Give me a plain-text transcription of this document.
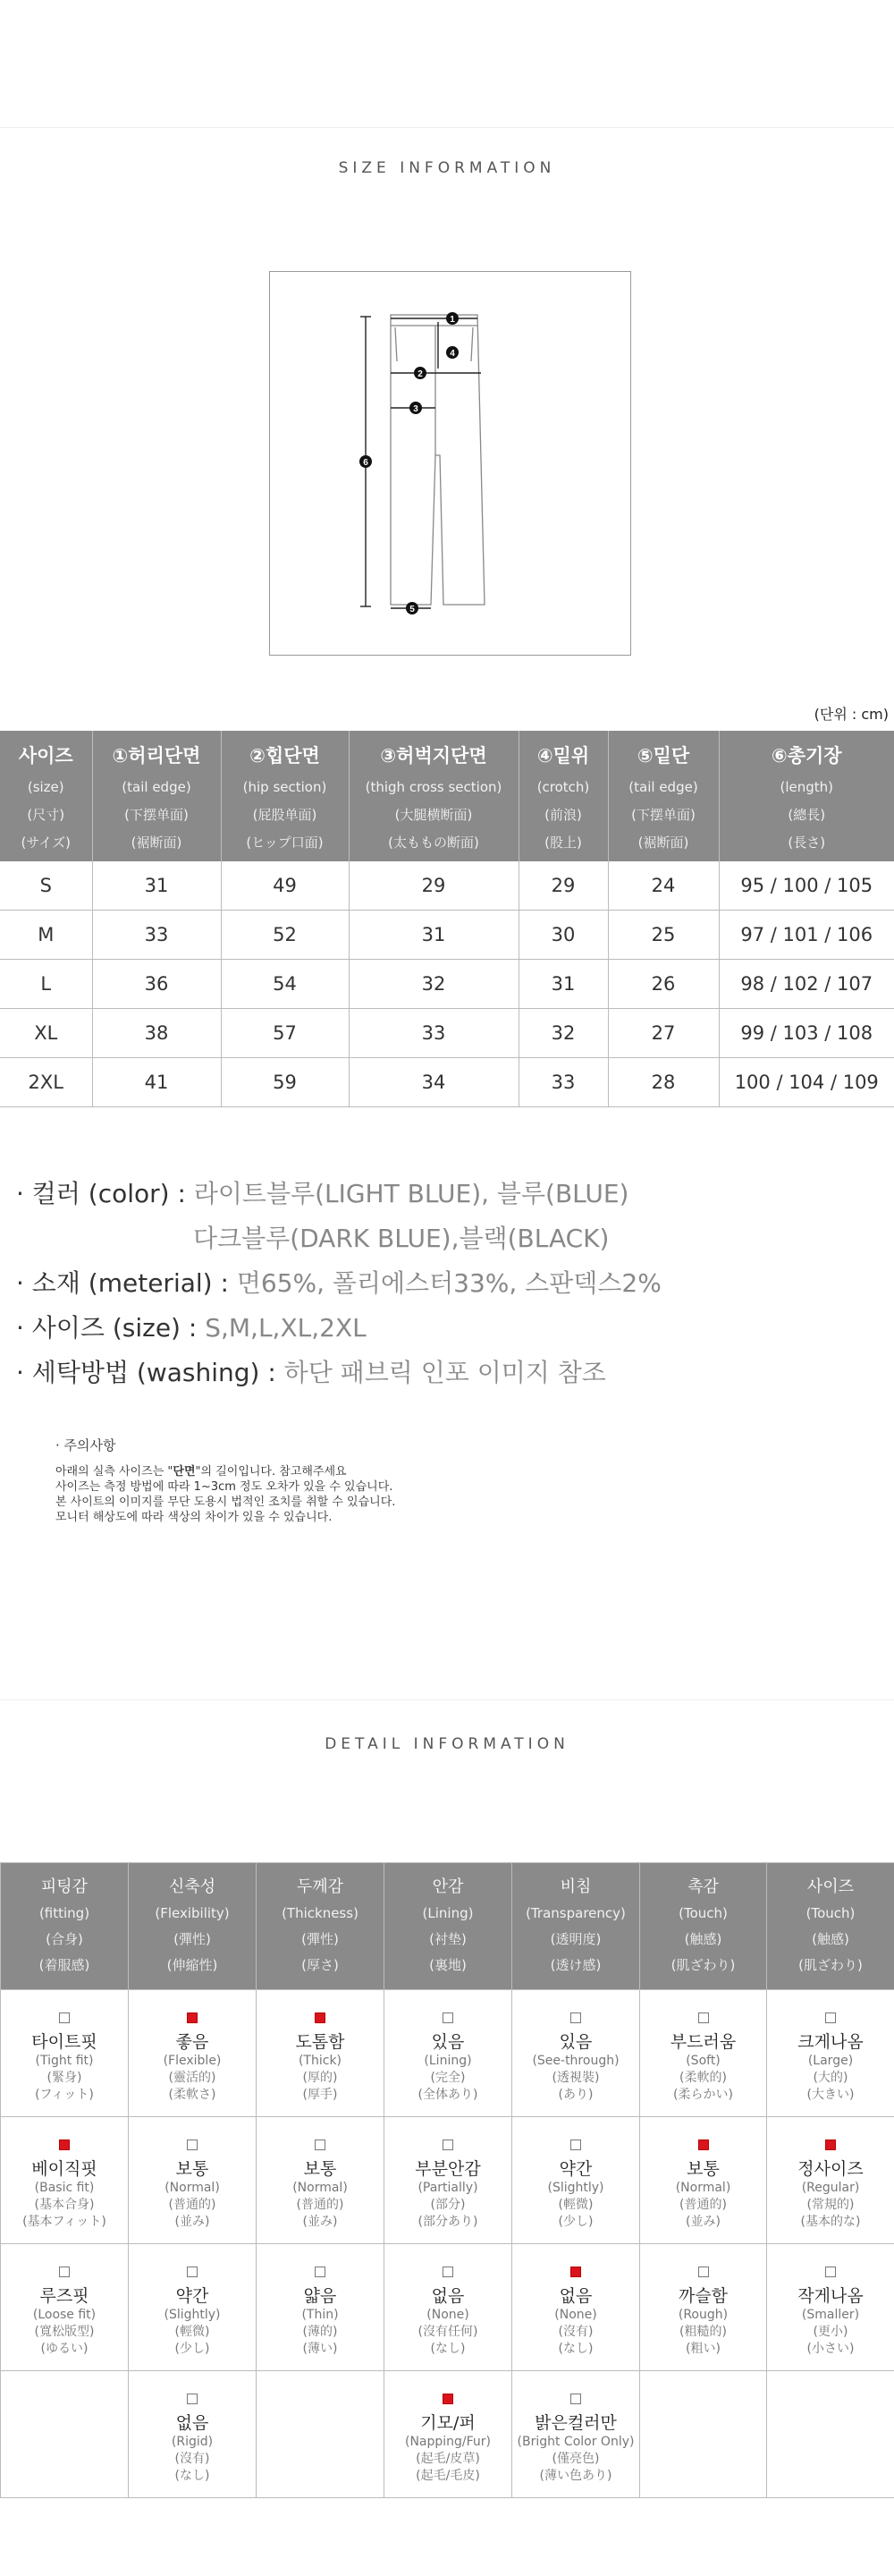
SIZE INFORMATION
1
2
3
4
5
6
(단위 : cm)
사이즈
(size)
(尺寸)
(サイズ)	①허리단면
(tail edge)
(下摆单面)
(裾断面)	②힙단면
(hip section)
(屁股单面)
(ヒップ口面)	③허벅지단면
(thigh cross section)
(大腿横断面)
(太ももの断面)	④밑위
(crotch)
(前浪)
(股上)	⑤밑단
(tail edge)
(下摆单面)
(裾断面)	⑥총기장
(length)
(總長)
(長さ)

S	31	49	29	29	24	95 / 100 / 105
M	33	52	31	30	25	97 / 101 / 106
L	36	54	32	31	26	98 / 102 / 107
XL	38	57	33	32	27	99 / 103 / 108
2XL	41	59	34	33	28	100 / 104 / 109
· 컬러 (color) : 라이트블루(LIGHT BLUE), 블루(BLUE)
다크블루(DARK BLUE),블랙(BLACK)
· 소재 (meterial) : 면65%, 폴리에스터33%, 스판덱스2%
· 사이즈 (size) : S,M,L,XL,2XL
· 세탁방법 (washing) : 하단 패브릭 인포 이미지 참조
· 주의사항
아래의 실측 사이즈는 "단면"의 길이입니다. 참고해주세요
사이즈는 측정 방법에 따라 1~3cm 정도 오차가 있을 수 있습니다.
본 사이트의 이미지를 무단 도용시 법적인 조치를 취할 수 있습니다.
모니터 해상도에 따라 색상의 차이가 있을 수 있습니다.
DETAIL INFORMATION
피팅감
(fitting)
(合身)
(着服感)	신축성
(Flexibility)
(彈性)
(伸縮性)	두께감
(Thickness)
(彈性)
(厚さ)	안감
(Lining)
(衬垫)
(裏地)	비침
(Transparency)
(透明度)
(透け感)	촉감
(Touch)
(触感)
(肌ざわり)	사이즈
(Touch)
(触感)
(肌ざわり)

타이트핏
(Tight fit)
(緊身)
(フィット)	좋음
(Flexible)
(靈活的)
(柔軟さ)	도톰함
(Thick)
(厚的)
(厚手)	있음
(Lining)
(完全)
(全体あり)	있음
(See-through)
(透視裝)
(あり)	부드러움
(Soft)
(柔軟的)
(柔らかい)	크게나옴
(Large)
(大的)
(大きい)

베이직핏
(Basic fit)
(基本合身)
(基本フィット)	보통
(Normal)
(普通的)
(並み)	보통
(Normal)
(普通的)
(並み)	부분안감
(Partially)
(部分)
(部分あり)	약간
(Slightly)
(輕微)
(少し)	보통
(Normal)
(普通的)
(並み)	정사이즈
(Regular)
(常規的)
(基本的な)

루즈핏
(Loose fit)
(寬松版型)
(ゆるい)	약간
(Slightly)
(輕微)
(少し)	얇음
(Thin)
(薄的)
(薄い)	없음
(None)
(沒有任何)
(なし)	없음
(None)
(沒有)
(なし)	까슬함
(Rough)
(粗糙的)
(粗い)	작게나옴
(Smaller)
(更小)
(小さい)

	없음
(Rigid)
(沒有)
(なし)		기모/퍼
(Napping/Fur)
(起毛/皮草)
(起毛/毛皮)	밝은컬러만
(Bright Color Only)
(僅亮色)
(薄い色あり)		
